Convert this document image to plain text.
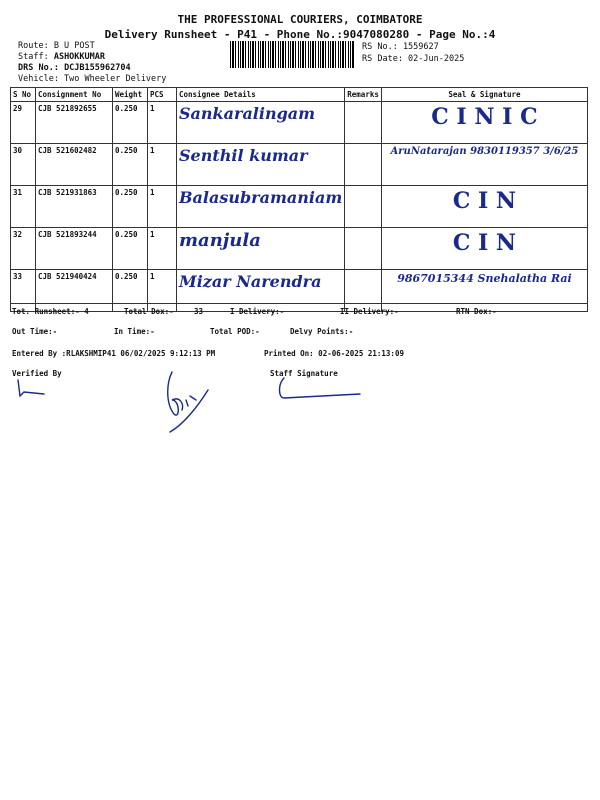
THE PROFESSIONAL COURIERS, COIMBATORE
Delivery Runsheet - P41 - Phone No.:9047080280 - Page No.:4
Route: B U POST
Staff: ASHOKKUMAR
DRS No.: DCJB155962704
Vehicle: Two Wheeler Delivery
RS No.: 1559627
RS Date: 02-Jun-2025
S No	Consignment No	Weight	PCS	Consignee Details	Remarks	Seal & Signature
29	CJB 521892655	0.250	1	Sankaralingam		C I N I C
30	CJB 521602482	0.250	1	Senthil kumar		AruNatarajan 9830119357 3/6/25
31	CJB 521931863	0.250	1	Balasubramaniam		C I N
32	CJB 521893244	0.250	1	manjula		C I N
33	CJB 521940424	0.250	1	Mizar Narendra		9867015344 Snehalatha Rai
Tot. Runsheet:- 4	Total Dox:-	33	I Delivery:-	II Delivery:-	RTN Dox:-
Out Time:-	In Time:-	Total POD:-	Delvy Points:-
Entered By :RLAKSHMIP41 06/02/2025 9:12:13 PM	Printed On: 02-06-2025 21:13:09
Verified By	Staff Signature
